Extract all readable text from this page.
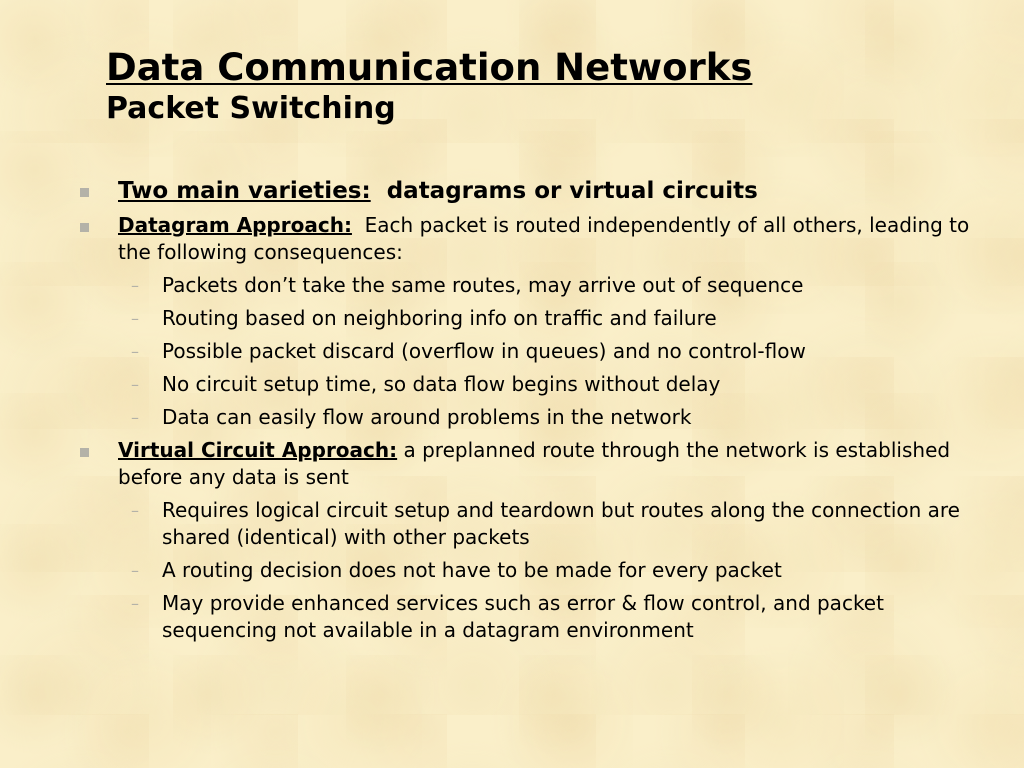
Data Communication Networks
Packet Switching
Two main varieties: datagrams or virtual circuits
Datagram Approach: Each packet is routed independently of all others, leading to the following consequences:
– Packets don’t take the same routes, may arrive out of sequence
– Routing based on neighboring info on traffic and failure
– Possible packet discard (overflow in queues) and no control-flow
– No circuit setup time, so data flow begins without delay
– Data can easily flow around problems in the network
Virtual Circuit Approach: a preplanned route through the network is established before any data is sent
– Requires logical circuit setup and teardown but routes along the connection are shared (identical) with other packets
– A routing decision does not have to be made for every packet
– May provide enhanced services such as error & flow control, and packet sequencing not available in a datagram environment
